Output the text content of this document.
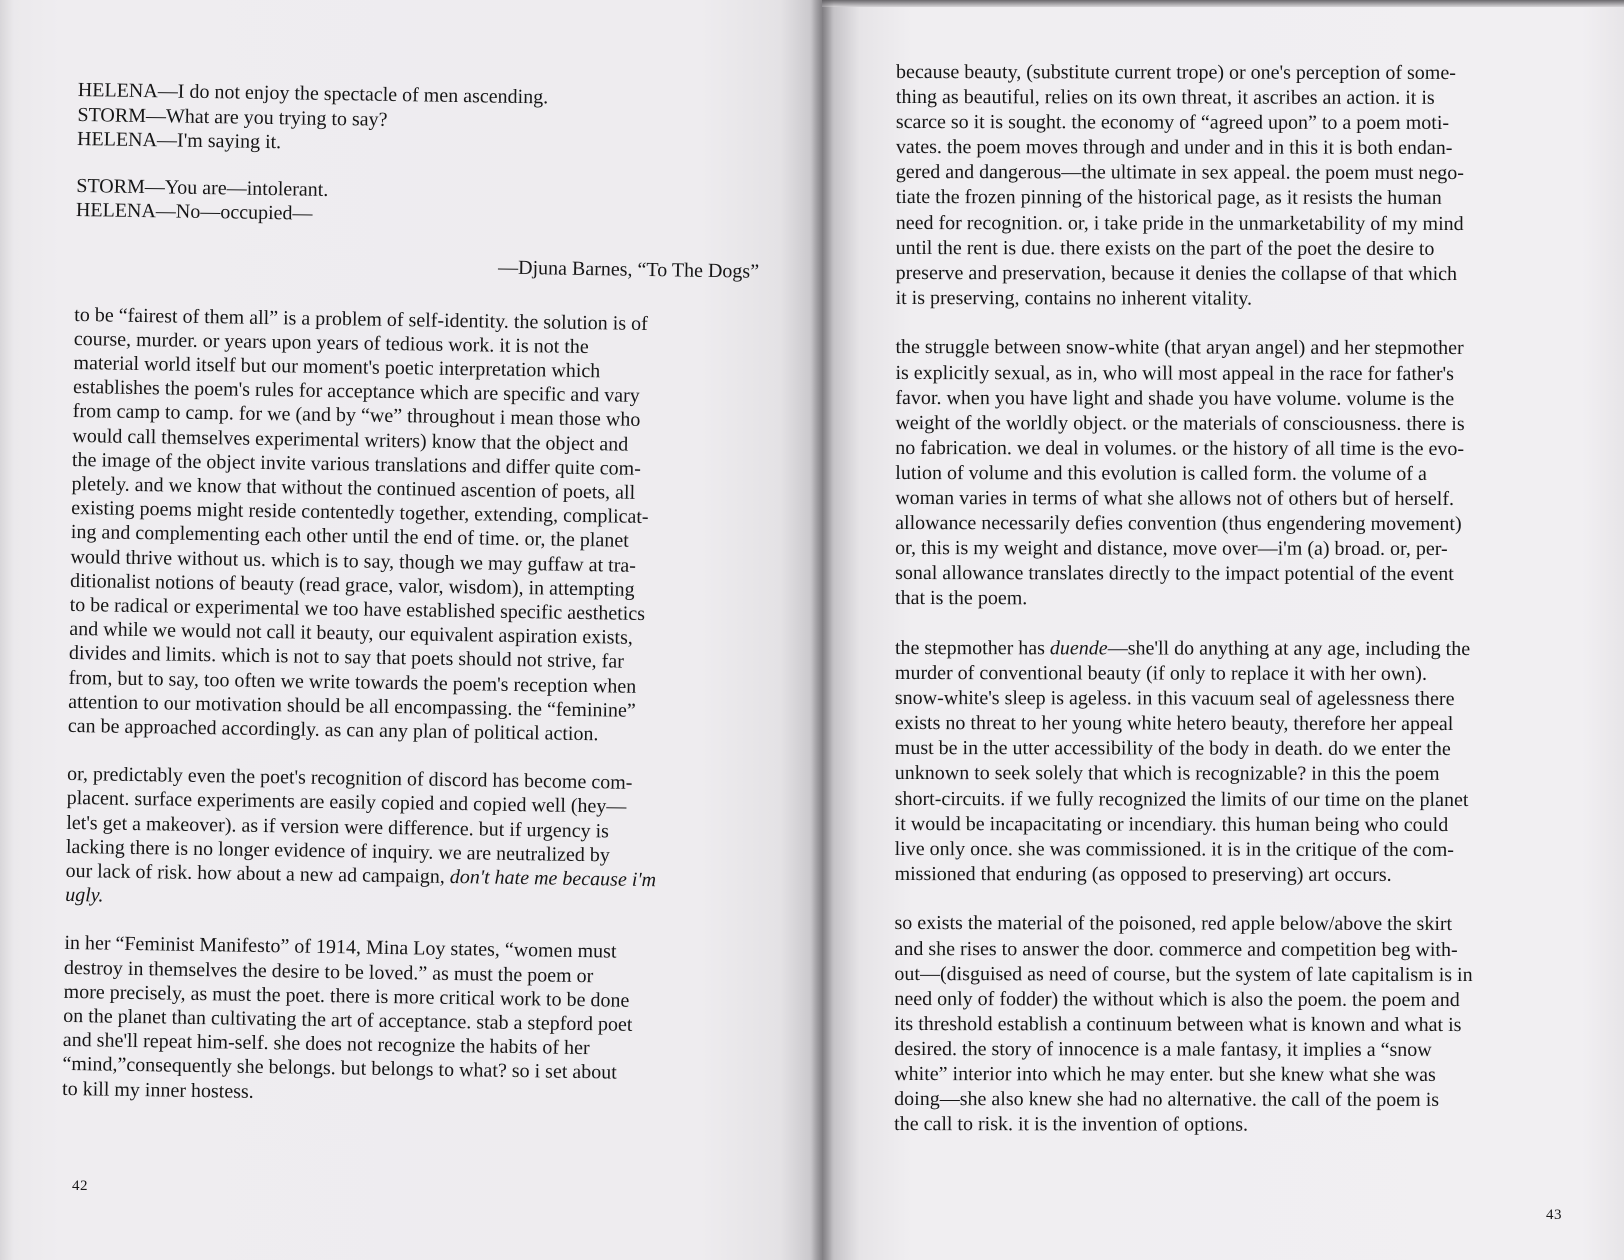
HELENA—I do not enjoy the spectacle of men ascending.
STORM—What are you trying to say?
HELENA—I'm saying it.
STORM—You are—intolerant.
HELENA—No—occupied—
—Djuna Barnes, “To The Dogs”
to be “fairest of them all” is a problem of self-identity. the solution is of
course, murder. or years upon years of tedious work. it is not the
material world itself but our moment's poetic interpretation which
establishes the poem's rules for acceptance which are specific and vary
from camp to camp. for we (and by “we” throughout i mean those who
would call themselves experimental writers) know that the object and
the image of the object invite various translations and differ quite com-
pletely. and we know that without the continued ascention of poets, all
existing poems might reside contentedly together, extending, complicat-
ing and complementing each other until the end of time. or, the planet
would thrive without us. which is to say, though we may guffaw at tra-
ditionalist notions of beauty (read grace, valor, wisdom), in attempting
to be radical or experimental we too have established specific aesthetics
and while we would not call it beauty, our equivalent aspiration exists,
divides and limits. which is not to say that poets should not strive, far
from, but to say, too often we write towards the poem's reception when
attention to our motivation should be all encompassing. the “feminine”
can be approached accordingly. as can any plan of political action.
or, predictably even the poet's recognition of discord has become com-
placent. surface experiments are easily copied and copied well (hey—
let's get a makeover). as if version were difference. but if urgency is
lacking there is no longer evidence of inquiry. we are neutralized by
our lack of risk. how about a new ad campaign, don't hate me because i'm
ugly.
in her “Feminist Manifesto” of 1914, Mina Loy states, “women must
destroy in themselves the desire to be loved.” as must the poem or
more precisely, as must the poet. there is more critical work to be done
on the planet than cultivating the art of acceptance. stab a stepford poet
and she'll repeat him-self. she does not recognize the habits of her
“mind,”consequently she belongs. but belongs to what? so i set about
to kill my inner hostess.
42
because beauty, (substitute current trope) or one's perception of some-
thing as beautiful, relies on its own threat, it ascribes an action. it is
scarce so it is sought. the economy of “agreed upon” to a poem moti-
vates. the poem moves through and under and in this it is both endan-
gered and dangerous—the ultimate in sex appeal. the poem must nego-
tiate the frozen pinning of the historical page, as it resists the human
need for recognition. or, i take pride in the unmarketability of my mind
until the rent is due. there exists on the part of the poet the desire to
preserve and preservation, because it denies the collapse of that which
it is preserving, contains no inherent vitality.
the struggle between snow-white (that aryan angel) and her stepmother
is explicitly sexual, as in, who will most appeal in the race for father's
favor. when you have light and shade you have volume. volume is the
weight of the worldly object. or the materials of consciousness. there is
no fabrication. we deal in volumes. or the history of all time is the evo-
lution of volume and this evolution is called form. the volume of a
woman varies in terms of what she allows not of others but of herself.
allowance necessarily defies convention (thus engendering movement)
or, this is my weight and distance, move over—i'm (a) broad. or, per-
sonal allowance translates directly to the impact potential of the event
that is the poem.
the stepmother has duende—she'll do anything at any age, including the
murder of conventional beauty (if only to replace it with her own).
snow-white's sleep is ageless. in this vacuum seal of agelessness there
exists no threat to her young white hetero beauty, therefore her appeal
must be in the utter accessibility of the body in death. do we enter the
unknown to seek solely that which is recognizable? in this the poem
short-circuits. if we fully recognized the limits of our time on the planet
it would be incapacitating or incendiary. this human being who could
live only once. she was commissioned. it is in the critique of the com-
missioned that enduring (as opposed to preserving) art occurs.
so exists the material of the poisoned, red apple below/above the skirt
and she rises to answer the door. commerce and competition beg with-
out—(disguised as need of course, but the system of late capitalism is in
need only of fodder) the without which is also the poem. the poem and
its threshold establish a continuum between what is known and what is
desired. the story of innocence is a male fantasy, it implies a “snow
white” interior into which he may enter. but she knew what she was
doing—she also knew she had no alternative. the call of the poem is
the call to risk. it is the invention of options.
43
